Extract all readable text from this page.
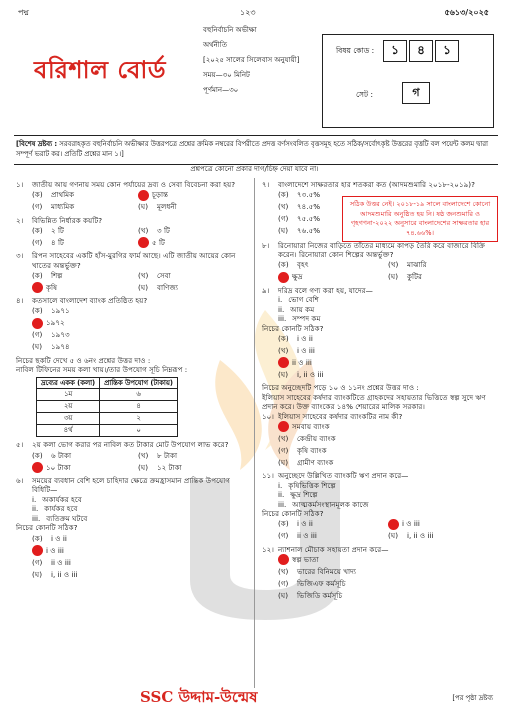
পদ্ম	১২৩	৫৬১৩/২০২৫
বরিশাল বোর্ড
বহুনির্বাচনি অভীক্ষা
অর্থনীতি
[২০২৫ সালের সিলেবাস অনুযায়ী]
সময়—৩০ মিনিট
পূর্ণমান—৩০
বিষয় কোড :	১	৪	১
সেট :	গ
[বিশেষ দ্রষ্টব্য : সরবরাহকৃত বহুনির্বাচনি অভীক্ষার উত্তরপত্রে প্রশ্নের ক্রমিক নম্বরের বিপরীতে প্রদত্ত বর্ণসংবলিত বৃত্তসমূহ হতে সঠিক/সর্বোৎকৃষ্ট উত্তরের বৃত্তটি বল পয়েন্ট কলম দ্বারা সম্পূর্ণ ভরাট কর। প্রতিটি প্রশ্নের মান ১।]
প্রশ্নপত্রে কোনো প্রকার দাগ/চিহ্ন দেয়া যাবে না।
১।	জাতীয় আয় গণনায় সময় কোন পর্যায়ের দ্রব্য ও সেবা বিবেচনা করা হয়?
(ক)	প্রাথমিক	চূড়ান্ত
(গ)	মাধ্যমিক	(ঘ)	মূলধনী
২।	বিভিন্নিত নির্ধারক কয়টি?
(ক)	২ টি	(খ)	৩ টি
(গ)	৪ টি	৫ টি
৩।	রিপন সাহেবের একটি হাঁস-মুরগির ফার্ম আছে। এটি জাতীয় আয়ের কোন খাতের অন্তর্ভুক্ত?
(ক)	শিল্প	(খ)	সেবা
কৃষি	(ঘ)	বাণিজ্য
৪।	কতসালে বাংলাদেশ ব্যাংক প্রতিষ্ঠিত হয়?
(ক)	১৯৭১
১৯৭২
(গ)	১৯৭৩
(ঘ)	১৯৭৪
নিচের ছকটি দেখে ৫ ও ৬নং প্রশ্নের উত্তর দাও :
নাবিল টিফিনের সময় কলা খায়।/তার উপযোগ সূচি নিম্নরূপ :
দ্রব্যের একক (কলা)	প্রান্তিক উপযোগ (টাকায়)
১ম	৬
২য়	৪
৩য়	২
৪র্থ	০
৫।	২য় কলা ভোগ করার পর নাবিল কত টাকার মোট উপযোগ লাভ করে?
(ক)	৬ টাকা	(খ)	৮ টাকা
১০ টাকা	(ঘ)	১২ টাকা
৬।	সময়ের ব্যবধান বেশি হলে চাহিদার ক্ষেত্রে ক্রমহ্রাসমান প্রান্তিক উপযোগ বিধিটি—
i. অকার্যকর হবে
ii. কার্যকর হবে
iii. ব্যতিক্রম ঘটবে
নিচের কোনটি সঠিক?
(ক)	i ও ii
i ও iii
(গ)	ii ও iii
(ঘ)	i, ii ও iii
৭।	বাংলাদেশে সাক্ষরতার হার শতকরা কত (আদমশুমারি ২০১৮-২০১৯)?
(ক)	৭৩.৫%
(খ)	৭৪.৫%
(গ)	৭৫.৫%
(ঘ)	৭৬.৫%
৮।	রিনোয়ারা নিজের বাড়িতে তাঁতের মাধ্যমে কাপড় তৈরি করে বাজারে বিক্রি করেন। রিনোয়ারা কোন শিল্পের অন্তর্ভুক্ত?
(ক)	বৃহৎ	(খ)	মাঝারি
ক্ষুদ্র	(ঘ)	কুটির
৯।	দরিদ্র বলে গণ্য করা হয়, যাদের—
i. ভোগ বেশি
ii. আয় কম
iii. সম্পদ কম
নিচের কোনটি সঠিক?
(ক)	i ও ii
(খ)	i ও iii
ii ও iii
(ঘ)	i, ii ও iii
নিচের অনুচ্ছেদটি পড়ে ১০ ও ১১নং প্রশ্নের উত্তর দাও :
ইলিয়াস সাহেবের কর্ষদার ব্যাংকটিতে গ্রাহকদের সহায়তার ভিত্তিতে স্বল্প সুদে ঋণ প্রদান করে। উক্ত ব্যাংকের ১৪% শেয়ারের মালিক সরকার।
১০। ইলিয়াস সাহেবের কর্ষদার ব্যাংকটির নাম কী?
সমবায় ব্যাংক
(খ)	কেন্দ্রীয় ব্যাংক
(গ)	কৃষি ব্যাংক
(ঘ)	গ্রামীণ ব্যাংক
১১। অনুচ্ছেদে উল্লিখিত ব্যাংকটি ঋণ প্রদান করে—
i. কৃষিভিত্তিক শিল্পে
ii. ক্ষুদ্র শিল্পে
iii. আত্মকর্মসংস্থানমূলক কাজে
নিচের কোনটি সঠিক?
(ক)	i ও ii	i ও iii
(গ)	ii ও iii	(ঘ)	i, ii ও iii
১২। ন্যাশনাল মৌচাক সহায়তা প্রদান করে—
স্বল্প ভাতা
(খ)	ভারের বিনিময়ে খাদ্য
(গ)	ভিজিএফ কর্মসূচি
(ঘ)	ভিজিডি কর্মসূচি
সঠিক উত্তর নেই। ২০১৮-১৯ সালে বাংলাদেশে কোনো আদমশুমারি অনুষ্ঠিত হয় নি। ষষ্ঠ জনশুমারি ও গৃহগণনা-২০২২ অনুসারে বাংলাদেশের সাক্ষরতার হার ৭৪.৬৬%।
SSC উদ্দাম-উন্মেষ	[পর পৃষ্ঠা দ্রষ্টব্য
